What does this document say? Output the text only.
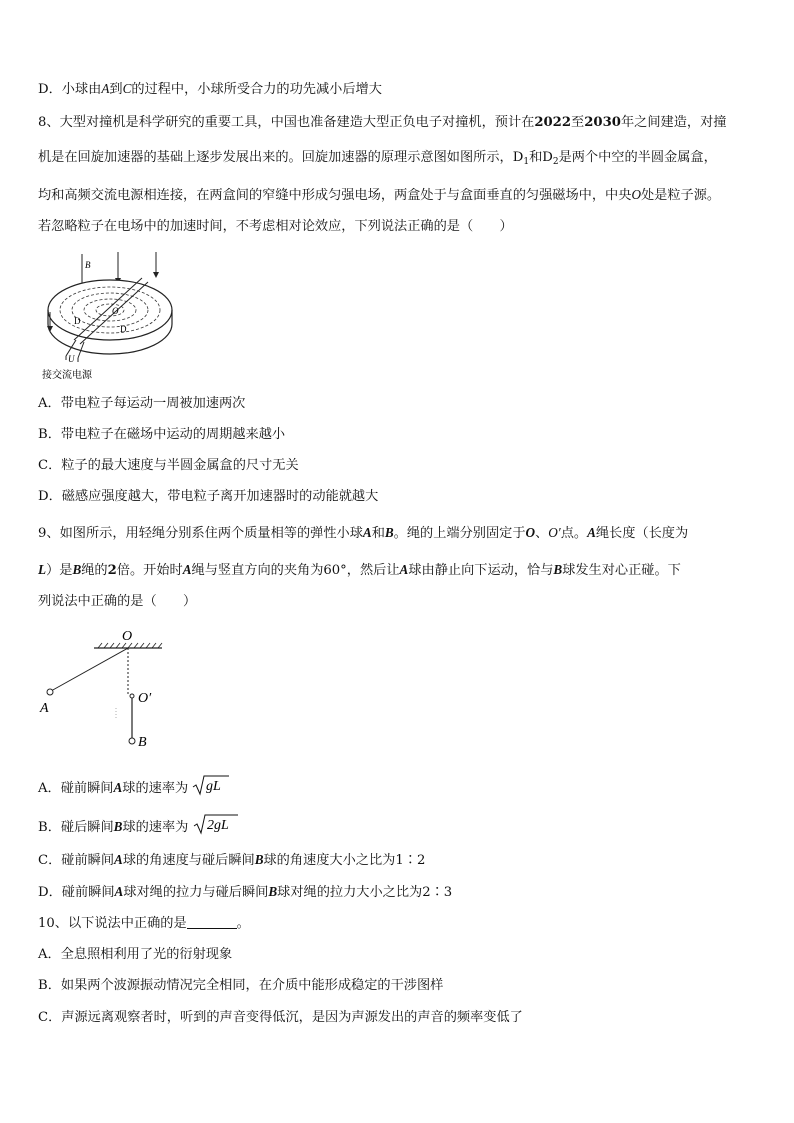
D．小球由A到C的过程中，小球所受合力的功先减小后增大
8、大型对撞机是科学研究的重要工具，中国也准备建造大型正负电子对撞机，预计在2022至2030年之间建造，对撞
机是在回旋加速器的基础上逐步发展出来的。回旋加速器的原理示意图如图所示，$D_1$和$D_2$是两个中空的半圆金属盒，
均和高频交流电源相连接，在两盒间的窄缝中形成匀强电场，两盒处于与盒面垂直的匀强磁场中，中央O处是粒子源。
若忽略粒子在电场中的加速时间，不考虑相对论效应，下列说法正确的是（　　）
B
D
O
D
U
接交流电源
A．带电粒子每运动一周被加速两次
B．带电粒子在磁场中运动的周期越来越小
C．粒子的最大速度与半圆金属盒的尺寸无关
D．磁感应强度越大，带电粒子离开加速器时的动能就越大
9、如图所示，用轻绳分别系住两个质量相等的弹性小球A和B。绳的上端分别固定于O、O′点。A绳长度（长度为
L）是B绳的2倍。开始时A绳与竖直方向的夹角为60°，然后让A球由静止向下运动，恰与B球发生对心正碰。下
列说法中正确的是（　　）
O
O′
A
B
A．碰前瞬间A球的速率为 gL
B．碰后瞬间B球的速率为 2gL
C．碰前瞬间A球的角速度与碰后瞬间B球的角速度大小之比为1∶2
D．碰前瞬间A球对绳的拉力与碰后瞬间B球对绳的拉力大小之比为2∶3
10、以下说法中正确的是	。
A．全息照相利用了光的衍射现象
B．如果两个波源振动情况完全相同，在介质中能形成稳定的干涉图样
C．声源远离观察者时，听到的声音变得低沉，是因为声源发出的声音的频率变低了
